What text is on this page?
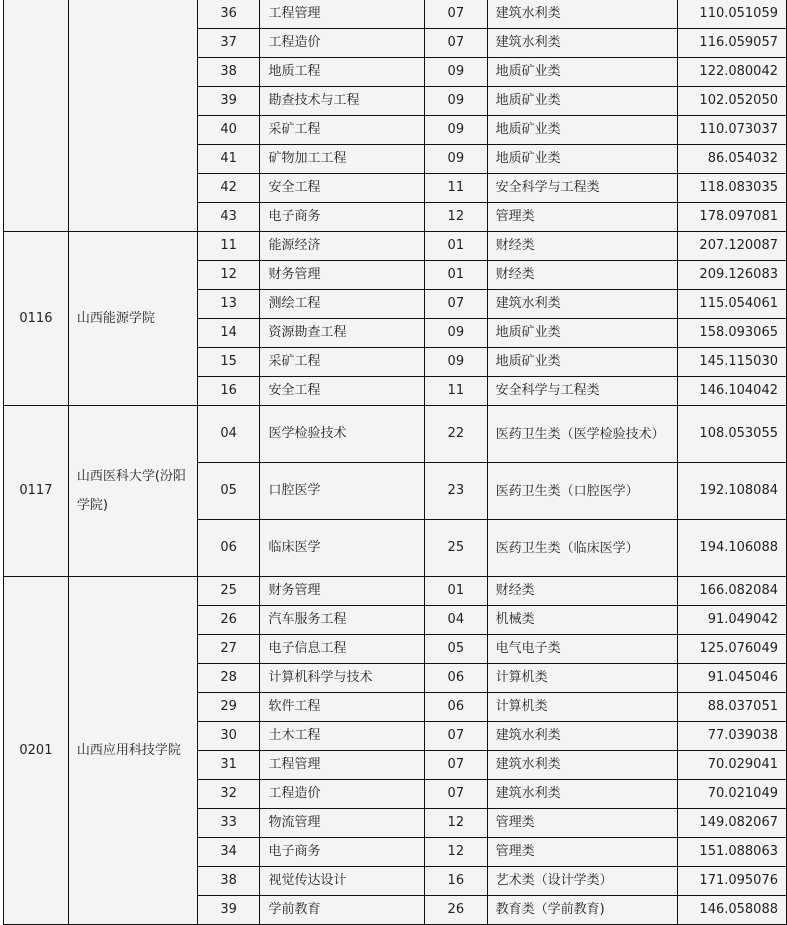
		36	工程管理	07	建筑水利类	110.051059
		37	工程造价	07	建筑水利类	116.059057
		38	地质工程	09	地质矿业类	122.080042
		39	勘查技术与工程	09	地质矿业类	102.052050
		40	采矿工程	09	地质矿业类	110.073037
		41	矿物加工工程	09	地质矿业类	86.054032
		42	安全工程	11	安全科学与工程类	118.083035
		43	电子商务	12	管理类	178.097081
0116	山西能源学院	11	能源经济	01	财经类	207.120087
		12	财务管理	01	财经类	209.126083
		13	测绘工程	07	建筑水利类	115.054061
		14	资源勘查工程	09	地质矿业类	158.093065
		15	采矿工程	09	地质矿业类	145.115030
		16	安全工程	11	安全科学与工程类	146.104042
0117	山西医科大学(汾阳学院)	04	医学检验技术	22	医药卫生类（医学检验技术）	108.053055
		05	口腔医学	23	医药卫生类（口腔医学）	192.108084
		06	临床医学	25	医药卫生类（临床医学）	194.106088
0201	山西应用科技学院	25	财务管理	01	财经类	166.082084
		26	汽车服务工程	04	机械类	91.049042
		27	电子信息工程	05	电气电子类	125.076049
		28	计算机科学与技术	06	计算机类	91.045046
		29	软件工程	06	计算机类	88.037051
		30	土木工程	07	建筑水利类	77.039038
		31	工程管理	07	建筑水利类	70.029041
		32	工程造价	07	建筑水利类	70.021049
		33	物流管理	12	管理类	149.082067
		34	电子商务	12	管理类	151.088063
		38	视觉传达设计	16	艺术类（设计学类）	171.095076
		39	学前教育	26	教育类（学前教育)	146.058088
